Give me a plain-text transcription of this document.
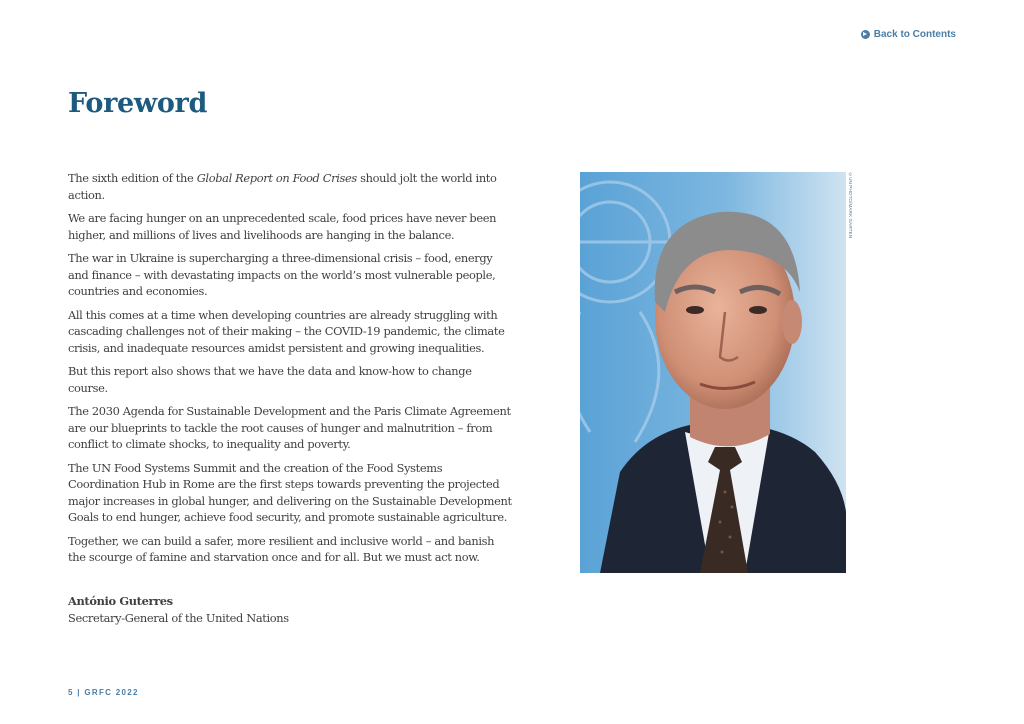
Back to Contents
Foreword

The sixth edition of the Global Report on Food Crises should jolt the world into action.

We are facing hunger on an unprecedented scale, food prices have never been higher, and millions of lives and livelihoods are hanging in the balance.

The war in Ukraine is supercharging a three-dimensional crisis – food, energy and finance – with devastating impacts on the world’s most vulnerable people, countries and economies.

All this comes at a time when developing countries are already struggling with cascading challenges not of their making – the COVID-19 pandemic, the climate crisis, and inadequate resources amidst persistent and growing inequalities.

But this report also shows that we have the data and know-how to change course.

The 2030 Agenda for Sustainable Development and the Paris Climate Agreement are our blueprints to tackle the root causes of hunger and malnutrition – from conflict to climate shocks, to inequality and poverty.

The UN Food Systems Summit and the creation of the Food Systems Coordination Hub in Rome are the first steps towards preventing the projected major increases in global hunger, and delivering on the Sustainable Development Goals to end hunger, achieve food security, and promote sustainable agriculture.

Together, we can build a safer, more resilient and inclusive world – and banish the scourge of famine and starvation once and for all. But we must act now.

António Guterres
Secretary-General of the United Nations
©UN PHOTO/MARK GARTEN
5 | GRFC 2022
